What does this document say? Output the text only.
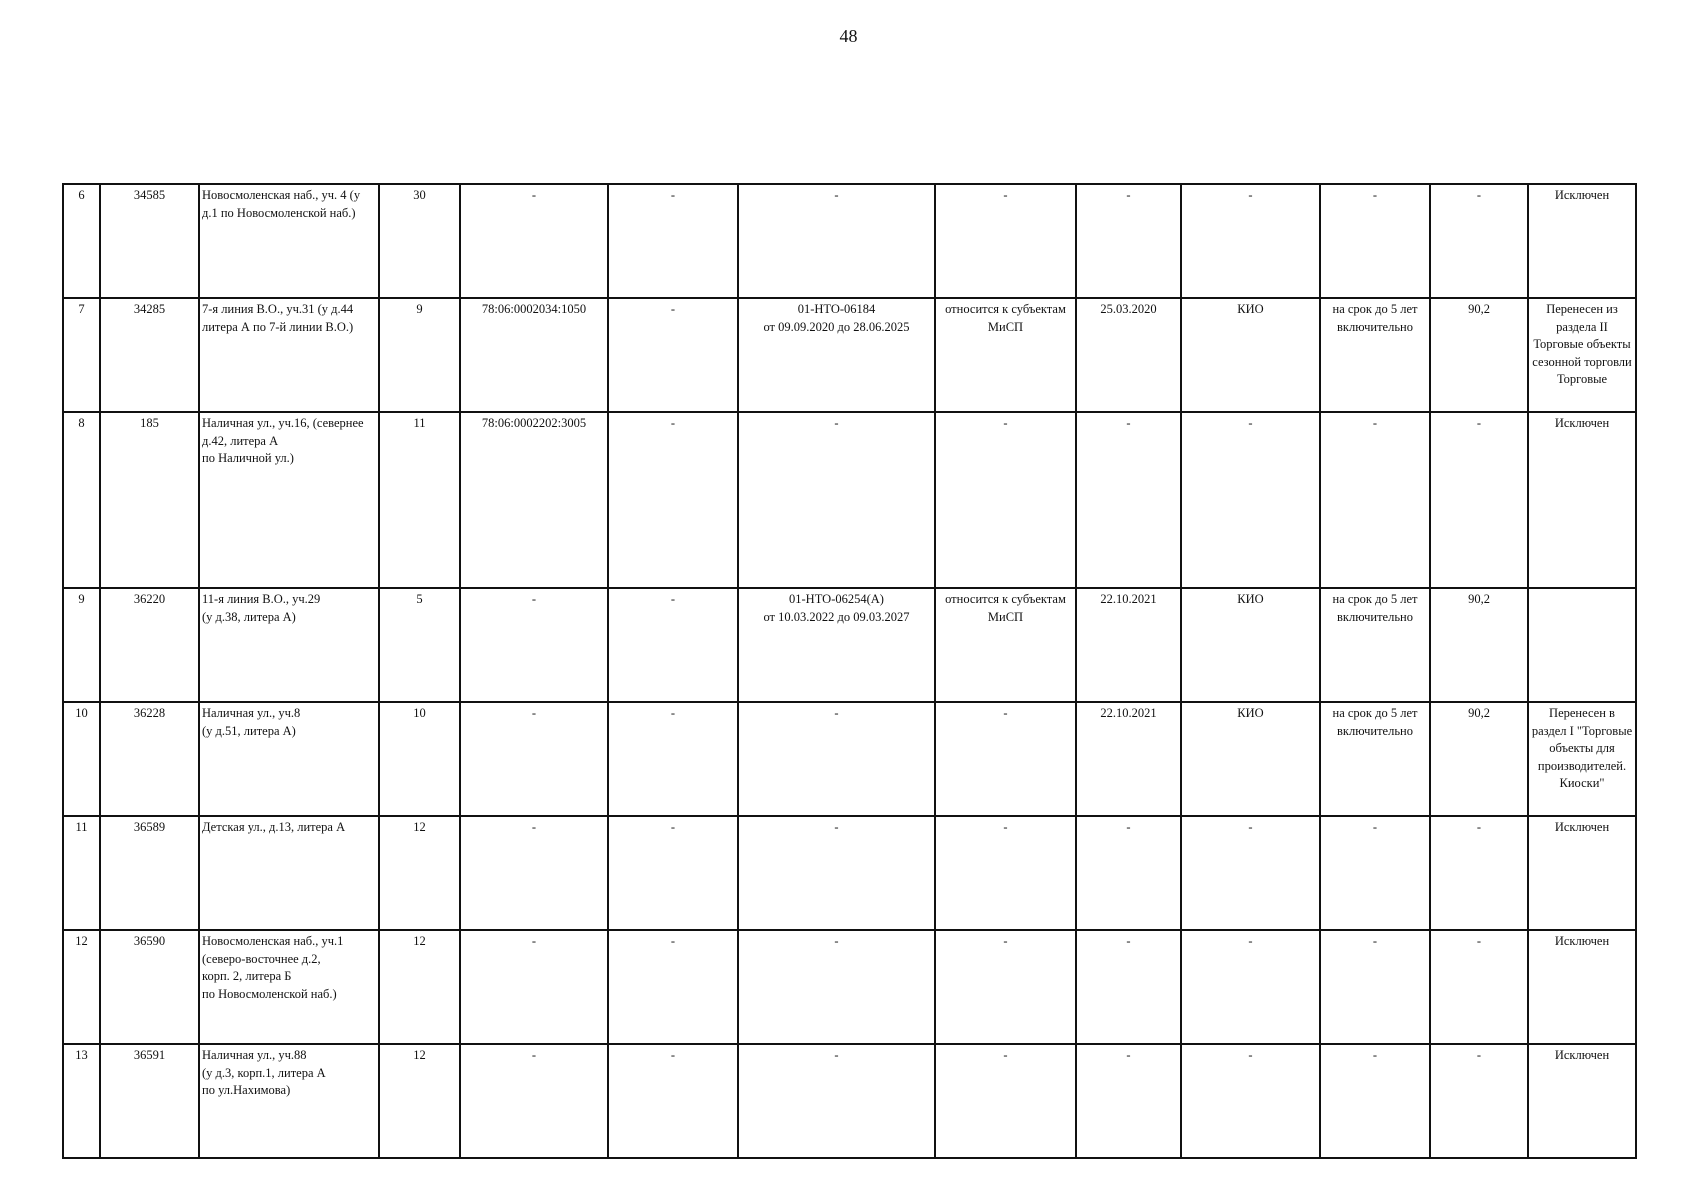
48
6	34585	Новосмоленская наб., уч. 4 (у д.1 по Новосмоленской наб.)	30	-	-	-	-	-	-	-	-	Исключен

7	34285	7-я линия В.О., уч.31 (у д.44 литера А по 7-й линии В.О.)	9	78:06:0002034:1050	-	01-НТО-06184
от 09.09.2020 до 28.06.2025	относится к субъектам МиСП	25.03.2020	КИО	на срок до 5 лет включительно	90,2	Перенесен из раздела II Торговые объекты сезонной торговли Торговые

8	185	Наличная ул., уч.16, (севернее д.42, литера А
по Наличной ул.)	11	78:06:0002202:3005	-	-	-	-	-	-	-	Исключен

9	36220	11-я линия В.О., уч.29
(у д.38, литера А)	5	-	-	01-НТО-06254(А)
от 10.03.2022 до 09.03.2027	относится к субъектам МиСП	22.10.2021	КИО	на срок до 5 лет включительно	90,2	

10	36228	Наличная ул., уч.8
(у д.51, литера А)	10	-	-	-	-	22.10.2021	КИО	на срок до 5 лет включительно	90,2	Перенесен в раздел I "Торговые объекты для производителей. Киоски"

11	36589	Детская ул., д.13, литера А	12	-	-	-	-	-	-	-	-	Исключен

12	36590	Новосмоленская наб., уч.1
(северо-восточнее д.2,
корп. 2, литера Б
по Новосмоленской наб.)	12	-	-	-	-	-	-	-	-	Исключен

13	36591	Наличная ул., уч.88
(у д.3, корп.1, литера А
по ул.Нахимова)	12	-	-	-	-	-	-	-	-	Исключен
